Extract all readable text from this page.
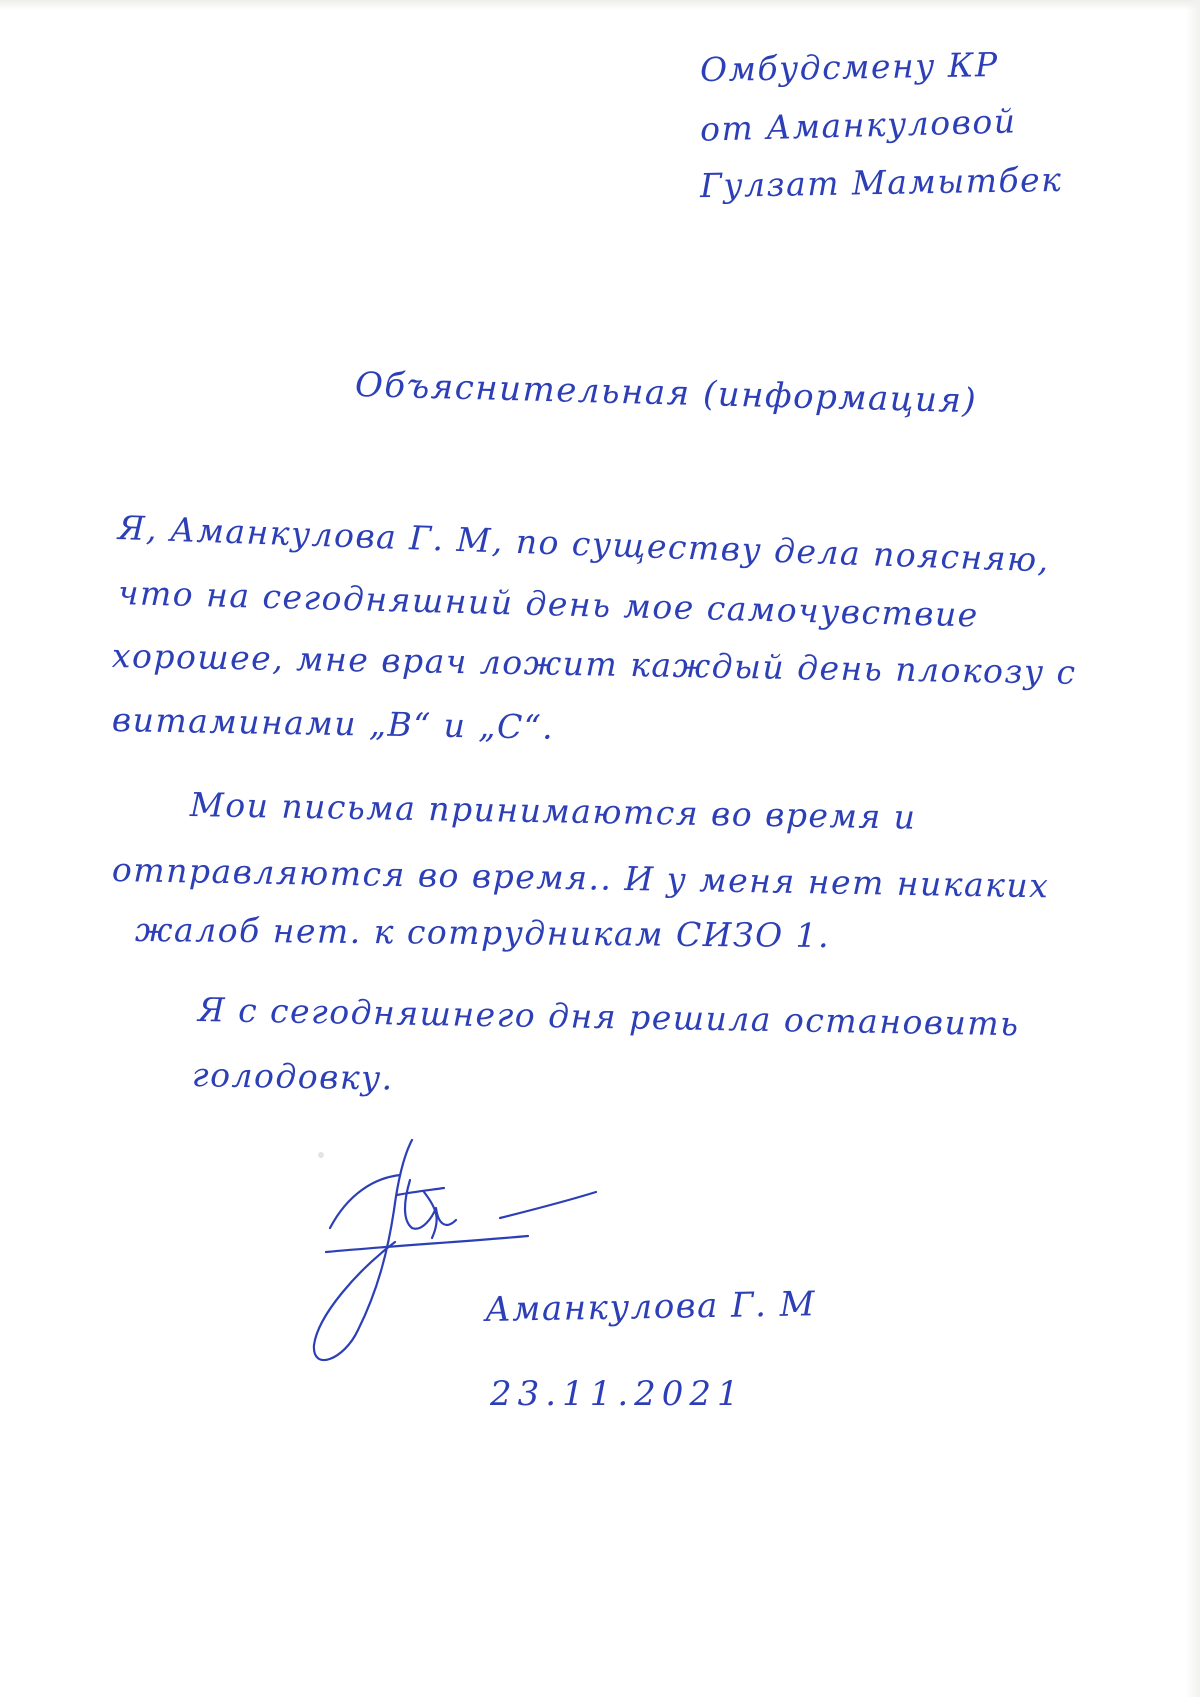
Омбудсмену КР
от Аманкуловой
Гулзат Мамытбек
Объяснительная (информация)

Я, Аманкулова Г. М, по существу дела поясняю,

что на сегодняшний день мое самочувствие

хорошее, мне врач ложит каждый день плокозу с

витаминами „В“ и „С“.

Мои письма принимаются во время и

отправляются во время.. И у меня нет никаких

жалоб нет. к сотрудникам СИЗО 1.

Я с сегодняшнего дня решила остановить

голодовку.

Аманкулова Г. М
23.11.2021
